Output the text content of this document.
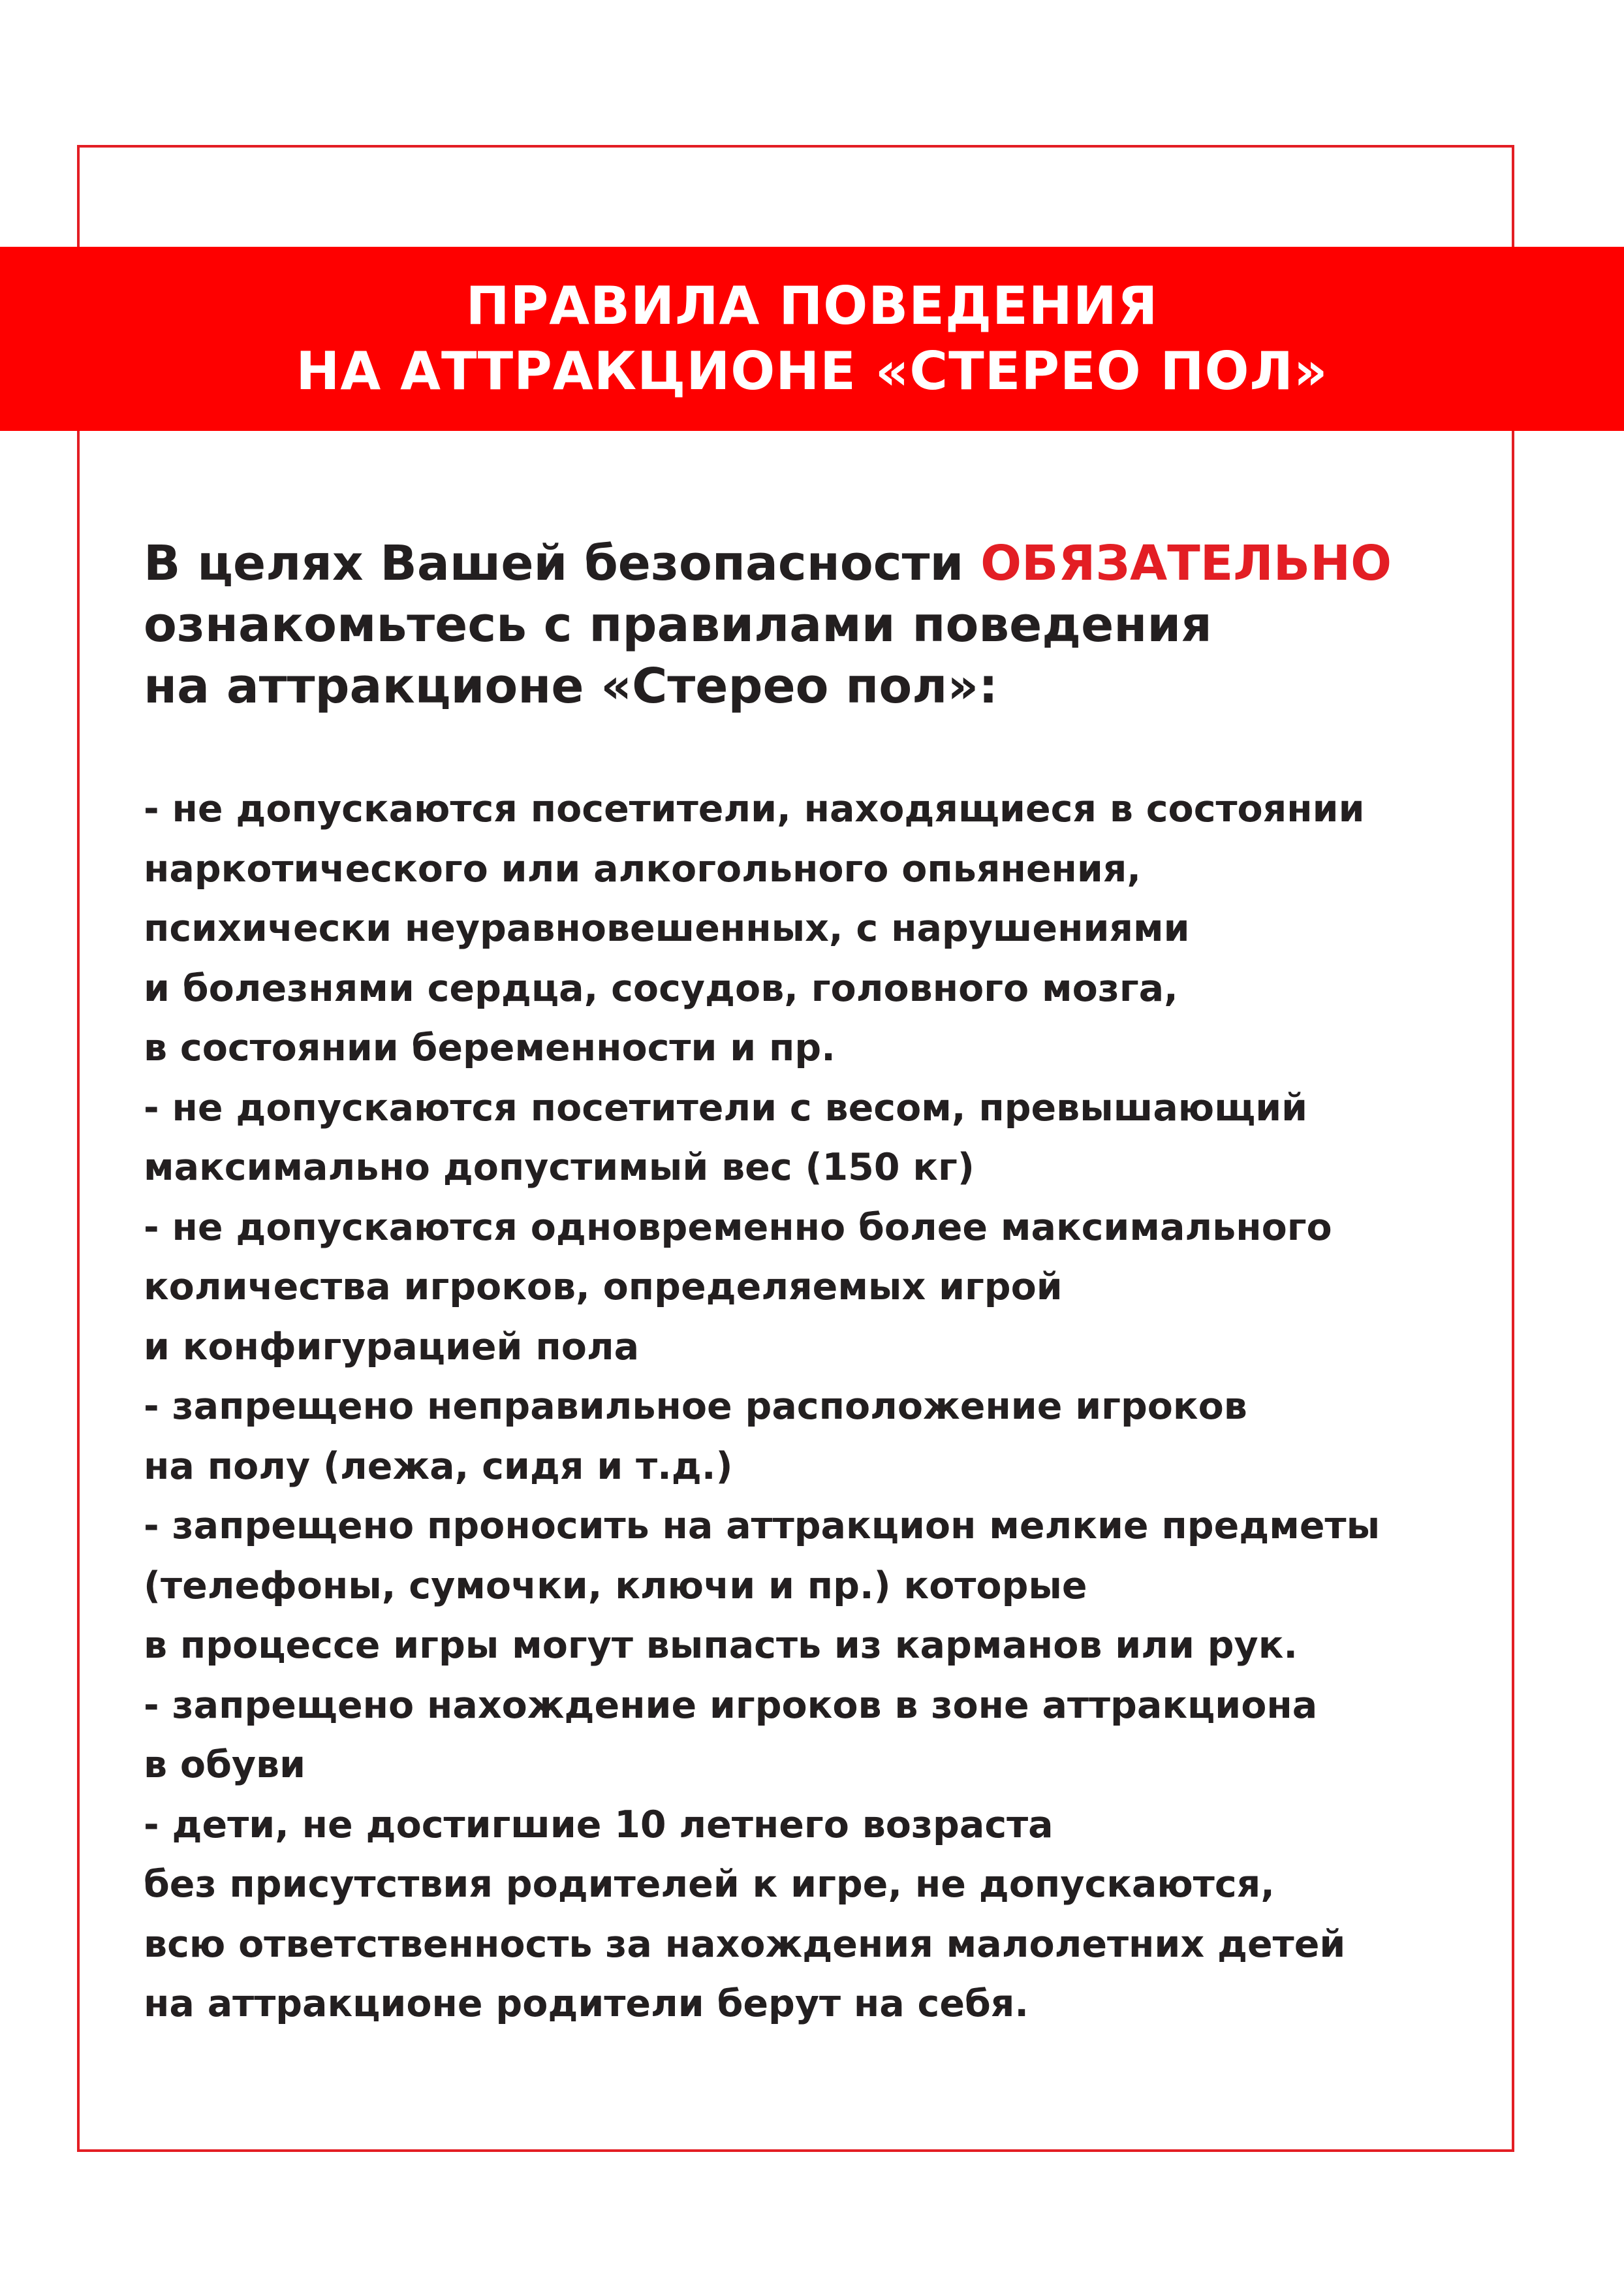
ПРАВИЛА ПОВЕДЕНИЯ
НА АТТРАКЦИОНЕ «СТЕРЕО ПОЛ»
В целях Вашей безопасности ОБЯЗАТЕЛЬНО
ознакомьтесь с правилами поведения
на аттракционе «Стерео пол»:
- не допускаются посетители, находящиеся в состоянии
наркотического или алкогольного опьянения,
психически неуравновешенных, с нарушениями
и болезнями сердца, сосудов, головного мозга,
в состоянии беременности и пр.
- не допускаются посетители с весом, превышающий
максимально допустимый вес (150 кг)
- не допускаются одновременно более максимального
количества игроков, определяемых игрой
и конфигурацией пола
- запрещено неправильное расположение игроков
на полу (лежа, сидя и т.д.)
- запрещено проносить на аттракцион мелкие предметы
(телефоны, сумочки, ключи и пр.) которые
в процессе игры могут выпасть из карманов или рук.
- запрещено нахождение игроков в зоне аттракциона
в обуви
- дети, не достигшие 10 летнего возраста
без присутствия родителей к игре, не допускаются,
всю ответственность за нахождения малолетних детей
на аттракционе родители берут на себя.
